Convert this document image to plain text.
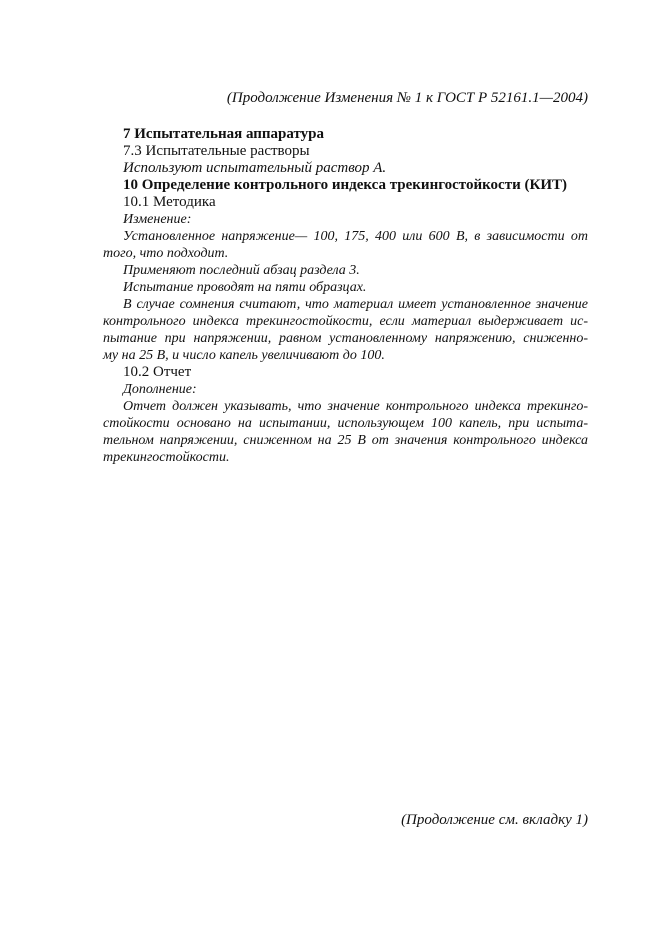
(Продолжение Изменения № 1 к ГОСТ Р 52161.1—2004)
7 Испытательная аппаратура
7.3 Испытательные растворы
Используют испытательный раствор А.
10 Определение контрольного индекса трекингостойкости (КИТ)
10.1 Методика
Изменение:
Установленное напряжение— 100, 175, 400 или 600 В, в зависимости от
того, что подходит.
Применяют последний абзац раздела 3.
Испытание проводят на пяти образцах.
В случае сомнения считают, что материал имеет установленное значение
контрольного индекса трекингостойкости, если материал выдерживает ис-
пытание при напряжении, равном установленному напряжению, сниженно-
му на 25 В, и число капель увеличивают до 100.
10.2 Отчет
Дополнение:
Отчет должен указывать, что значение контрольного индекса трекинго-
стойкости основано на испытании, использующем 100 капель, при испыта-
тельном напряжении, сниженном на 25 В от значения контрольного индекса
трекингостойкости.
(Продолжение см. вкладку 1)
